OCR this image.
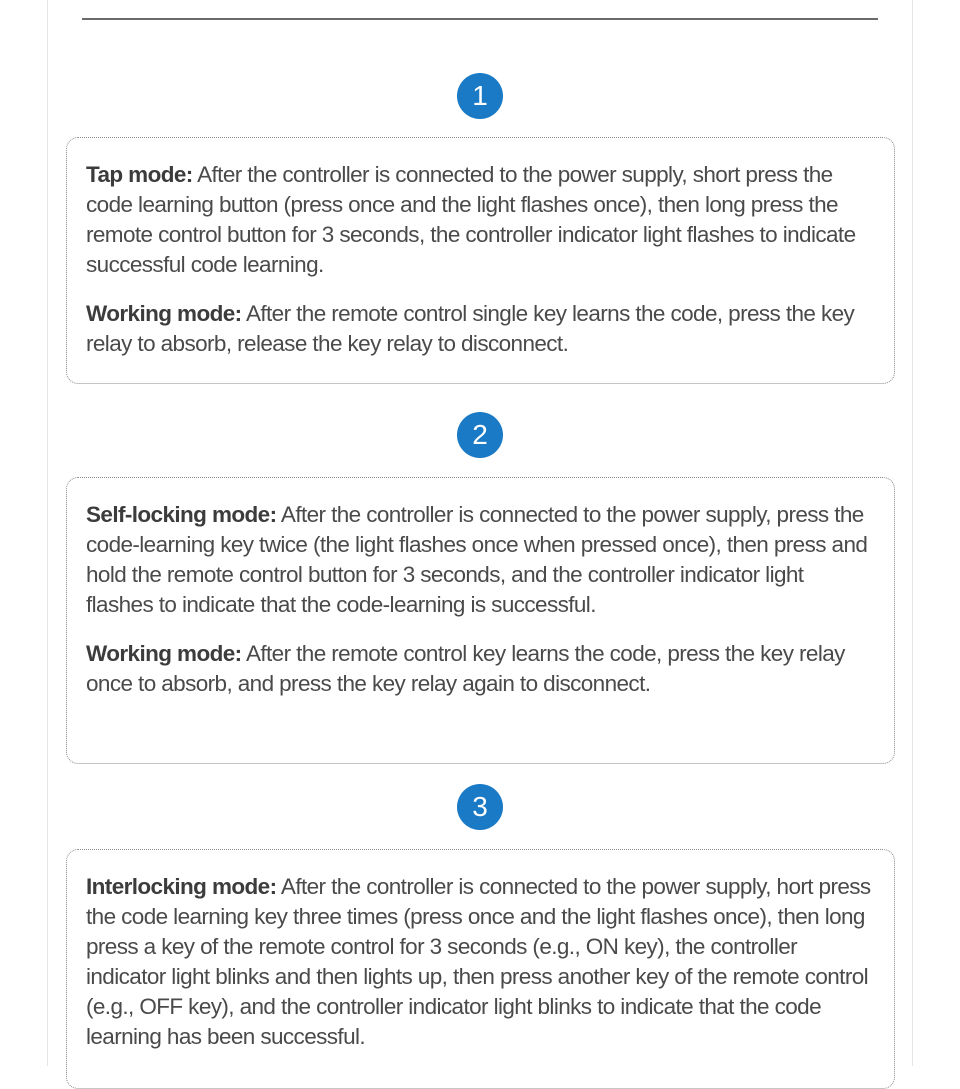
1

Tap mode: After the controller is connected to the power supply, short press the code learning button (press once and the light flashes once), then long press the remote control button for 3 seconds, the controller indicator light flashes to indicate successful code learning.

Working mode: After the remote control single key learns the code, press the key relay to absorb, release the key relay to disconnect.

2

Self-locking mode: After the controller is connected to the power supply, press the code-learning key twice (the light flashes once when pressed once), then press and hold the remote control button for 3 seconds, and the controller indicator light flashes to indicate that the code-learning is successful.

Working mode: After the remote control key learns the code, press the key relay once to absorb, and press the key relay again to disconnect.

3

Interlocking mode: After the controller is connected to the power supply, hort press the code learning key three times (press once and the light flashes once), then long press a key of the remote control for 3 seconds (e.g., ON key), the controller indicator light blinks and then lights up, then press another key of the remote control (e.g., OFF key), and the controller indicator light blinks to indicate that the code learning has been successful.
